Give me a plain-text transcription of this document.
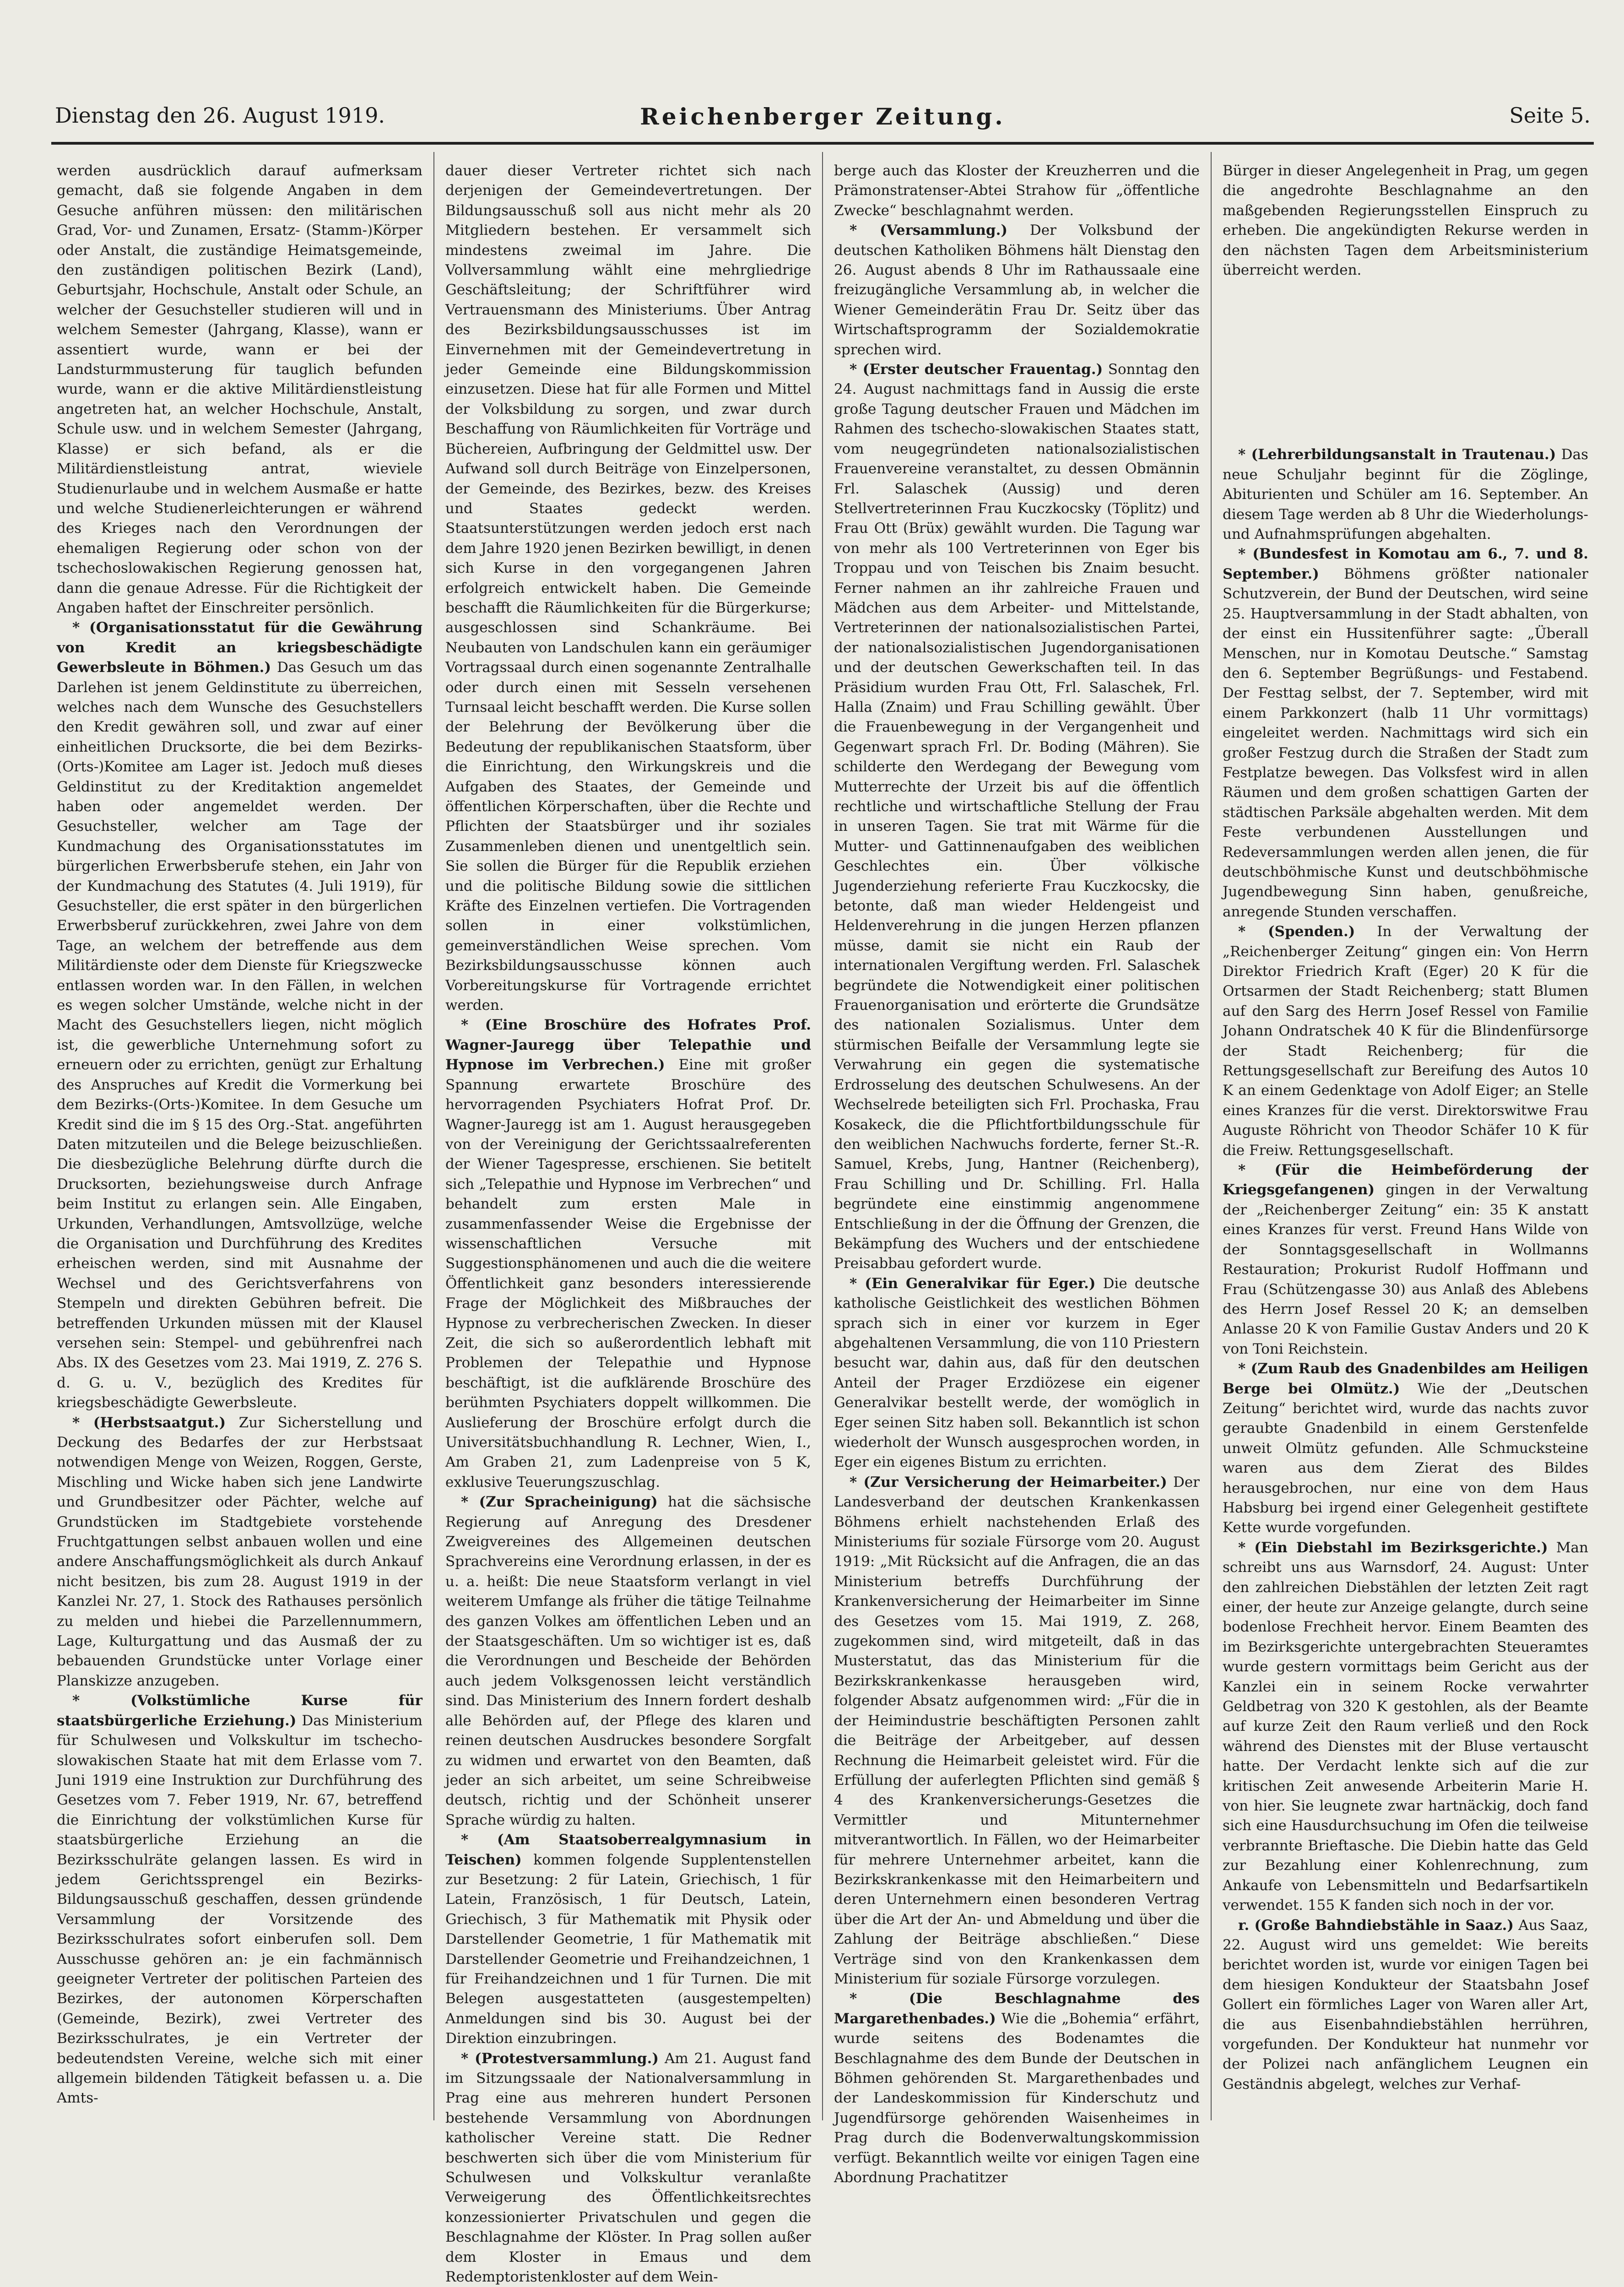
Dienstag den 26. August 1919.	Reichenberger Zeitung.	Seite 5.

werden ausdrücklich darauf aufmerksam gemacht, daß sie folgende Angaben in dem Gesuche anführen müssen: den militärischen Grad, Vor- und Zunamen, Ersatz- (Stamm-)Körper oder Anstalt, die zuständige Heimatsgemeinde, den zuständigen politischen Bezirk (Land), Geburtsjahr, Hochschule, Anstalt oder Schule, an welcher der Gesuchsteller studieren will und in welchem Semester (Jahrgang, Klasse), wann er assentiert wurde, wann er bei der Landsturmmusterung für tauglich befunden wurde, wann er die aktive Militärdienstleistung angetreten hat, an welcher Hochschule, Anstalt, Schule usw. und in welchem Semester (Jahrgang, Klasse) er sich befand, als er die Militärdienstleistung antrat, wieviele Studienurlaube und in welchem Ausmaße er hatte und welche Studienerleichterungen er während des Krieges nach den Verordnungen der ehemaligen Regierung oder schon von der tschechoslowakischen Regierung genossen hat, dann die genaue Adresse. Für die Richtigkeit der Angaben haftet der Einschreiter persönlich.

* (Organisationsstatut für die Gewährung von Kredit an kriegsbeschädigte Gewerbsleute in Böhmen.) Das Gesuch um das Darlehen ist jenem Geldinstitute zu überreichen, welches nach dem Wunsche des Gesuchstellers den Kredit gewähren soll, und zwar auf einer einheitlichen Drucksorte, die bei dem Bezirks-(Orts-)Komitee am Lager ist. Jedoch muß dieses Geldinstitut zu der Kreditaktion angemeldet haben oder angemeldet werden. Der Gesuchsteller, welcher am Tage der Kundmachung des Organisationsstatutes im bürgerlichen Erwerbsberufe stehen, ein Jahr von der Kundmachung des Statutes (4. Juli 1919), für Gesuchsteller, die erst später in den bürgerlichen Erwerbsberuf zurückkehren, zwei Jahre von dem Tage, an welchem der betreffende aus dem Militärdienste oder dem Dienste für Kriegszwecke entlassen worden war. In den Fällen, in welchen es wegen solcher Umstände, welche nicht in der Macht des Gesuchstellers liegen, nicht möglich ist, die gewerbliche Unternehmung sofort zu erneuern oder zu errichten, genügt zur Erhaltung des Anspruches auf Kredit die Vormerkung bei dem Bezirks-(Orts-)Komitee. In dem Gesuche um Kredit sind die im § 15 des Org.-Stat. angeführten Daten mitzuteilen und die Belege beizuschließen. Die diesbezügliche Belehrung dürfte durch die Drucksorten, beziehungsweise durch Anfrage beim Institut zu erlangen sein. Alle Eingaben, Urkunden, Verhandlungen, Amtsvollzüge, welche die Organisation und Durchführung des Kredites erheischen werden, sind mit Ausnahme der Wechsel und des Gerichtsverfahrens von Stempeln und direkten Gebühren befreit. Die betreffenden Urkunden müssen mit der Klausel versehen sein: Stempel- und gebührenfrei nach Abs. IX des Gesetzes vom 23. Mai 1919, Z. 276 S. d. G. u. V., bezüglich des Kredites für kriegsbeschädigte Gewerbsleute.

* (Herbstsaatgut.) Zur Sicherstellung und Deckung des Bedarfes der zur Herbstsaat notwendigen Menge von Weizen, Roggen, Gerste, Mischling und Wicke haben sich jene Landwirte und Grundbesitzer oder Pächter, welche auf Grundstücken im Stadtgebiete vorstehende Fruchtgattungen selbst anbauen wollen und eine andere Anschaffungsmöglichkeit als durch Ankauf nicht besitzen, bis zum 28. August 1919 in der Kanzlei Nr. 27, 1. Stock des Rathauses persönlich zu melden und hiebei die Parzellennummern, Lage, Kulturgattung und das Ausmaß der zu bebauenden Grundstücke unter Vorlage einer Planskizze anzugeben.

* (Volkstümliche Kurse für staatsbürgerliche Erziehung.) Das Ministerium für Schulwesen und Volkskultur im tschecho-slowakischen Staate hat mit dem Erlasse vom 7. Juni 1919 eine Instruktion zur Durchführung des Gesetzes vom 7. Feber 1919, Nr. 67, betreffend die Einrichtung der volkstümlichen Kurse für staatsbürgerliche Erziehung an die Bezirksschulräte gelangen lassen. Es wird in jedem Gerichtssprengel ein Bezirks-Bildungsausschuß geschaffen, dessen gründende Versammlung der Vorsitzende des Bezirksschulrates sofort einberufen soll. Dem Ausschusse gehören an: je ein fachmännisch geeigneter Vertreter der politischen Parteien des Bezirkes, der autonomen Körperschaften (Gemeinde, Bezirk), zwei Vertreter des Bezirksschulrates, je ein Vertreter der bedeutendsten Vereine, welche sich mit einer allgemein bildenden Tätigkeit befassen u. a. Die Amts-

dauer dieser Vertreter richtet sich nach derjenigen der Gemeindevertretungen. Der Bildungsausschuß soll aus nicht mehr als 20 Mitgliedern bestehen. Er versammelt sich mindestens zweimal im Jahre. Die Vollversammlung wählt eine mehrgliedrige Geschäftsleitung; der Schriftführer wird Vertrauensmann des Ministeriums. Über Antrag des Bezirksbildungsausschusses ist im Einvernehmen mit der Gemeindevertretung in jeder Gemeinde eine Bildungskommission einzusetzen. Diese hat für alle Formen und Mittel der Volksbildung zu sorgen, und zwar durch Beschaffung von Räumlichkeiten für Vorträge und Büchereien, Aufbringung der Geldmittel usw. Der Aufwand soll durch Beiträge von Einzelpersonen, der Gemeinde, des Bezirkes, bezw. des Kreises und Staates gedeckt werden. Staatsunterstützungen werden jedoch erst nach dem Jahre 1920 jenen Bezirken bewilligt, in denen sich Kurse in den vorgegangenen Jahren erfolgreich entwickelt haben. Die Gemeinde beschafft die Räumlichkeiten für die Bürgerkurse; ausgeschlossen sind Schankräume. Bei Neubauten von Landschulen kann ein geräumiger Vortragssaal durch einen sogenannte Zentralhalle oder durch einen mit Sesseln versehenen Turnsaal leicht beschafft werden. Die Kurse sollen der Belehrung der Bevölkerung über die Bedeutung der republikanischen Staatsform, über die Einrichtung, den Wirkungskreis und die Aufgaben des Staates, der Gemeinde und öffentlichen Körperschaften, über die Rechte und Pflichten der Staatsbürger und ihr soziales Zusammenleben dienen und unentgeltlich sein. Sie sollen die Bürger für die Republik erziehen und die politische Bildung sowie die sittlichen Kräfte des Einzelnen vertiefen. Die Vortragenden sollen in einer volkstümlichen, gemeinverständlichen Weise sprechen. Vom Bezirksbildungsausschusse können auch Vorbereitungskurse für Vortragende errichtet werden.

* (Eine Broschüre des Hofrates Prof. Wagner-Jauregg über Telepathie und Hypnose im Verbrechen.) Eine mit großer Spannung erwartete Broschüre des hervorragenden Psychiaters Hofrat Prof. Dr. Wagner-Jauregg ist am 1. August herausgegeben von der Vereinigung der Gerichtssaalreferenten der Wiener Tagespresse, erschienen. Sie betitelt sich „Telepathie und Hypnose im Verbrechen“ und behandelt zum ersten Male in zusammenfassender Weise die Ergebnisse der wissenschaftlichen Versuche mit Suggestionsphänomenen und auch die die weitere Öffentlichkeit ganz besonders interessierende Frage der Möglichkeit des Mißbrauches der Hypnose zu verbrecherischen Zwecken. In dieser Zeit, die sich so außerordentlich lebhaft mit Problemen der Telepathie und Hypnose beschäftigt, ist die aufklärende Broschüre des berühmten Psychiaters doppelt willkommen. Die Auslieferung der Broschüre erfolgt durch die Universitätsbuchhandlung R. Lechner, Wien, I., Am Graben 21, zum Ladenpreise von 5 K, exklusive Teuerungszuschlag.

* (Zur Spracheinigung) hat die sächsische Regierung auf Anregung des Dresdener Zweigvereines des Allgemeinen deutschen Sprachvereins eine Verordnung erlassen, in der es u. a. heißt: Die neue Staatsform verlangt in viel weiterem Umfange als früher die tätige Teilnahme des ganzen Volkes am öffentlichen Leben und an der Staatsgeschäften. Um so wichtiger ist es, daß die Verordnungen und Bescheide der Behörden auch jedem Volksgenossen leicht verständlich sind. Das Ministerium des Innern fordert deshalb alle Behörden auf, der Pflege des klaren und reinen deutschen Ausdruckes besondere Sorgfalt zu widmen und erwartet von den Beamten, daß jeder an sich arbeitet, um seine Schreibweise deutsch, richtig und der Schönheit unserer Sprache würdig zu halten.

* (Am Staatsoberrealgymnasium in Teischen) kommen folgende Supplentenstellen zur Besetzung: 2 für Latein, Griechisch, 1 für Latein, Französisch, 1 für Deutsch, Latein, Griechisch, 3 für Mathematik mit Physik oder Darstellender Geometrie, 1 für Mathematik mit Darstellender Geometrie und Freihandzeichnen, 1 für Freihandzeichnen und 1 für Turnen. Die mit Belegen ausgestatteten (ausgestempelten) Anmeldungen sind bis 30. August bei der Direktion einzubringen.

* (Protestversammlung.) Am 21. August fand im Sitzungssaale der Nationalversammlung in Prag eine aus mehreren hundert Personen bestehende Versammlung von Abordnungen katholischer Vereine statt. Die Redner beschwerten sich über die vom Ministerium für Schulwesen und Volkskultur veranlaßte Verweigerung des Öffentlichkeitsrechtes konzessionierter Privatschulen und gegen die Beschlagnahme der Klöster. In Prag sollen außer dem Kloster in Emaus und dem Redemptoristenkloster auf dem Wein-

berge auch das Kloster der Kreuzherren und die Prämonstratenser-Abtei Strahow für „öffentliche Zwecke“ beschlagnahmt werden.

* (Versammlung.) Der Volksbund der deutschen Katholiken Böhmens hält Dienstag den 26. August abends 8 Uhr im Rathaussaale eine freizugängliche Versammlung ab, in welcher die Wiener Gemeinderätin Frau Dr. Seitz über das Wirtschaftsprogramm der Sozialdemokratie sprechen wird.

* (Erster deutscher Frauentag.) Sonntag den 24. August nachmittags fand in Aussig die erste große Tagung deutscher Frauen und Mädchen im Rahmen des tschecho-slowakischen Staates statt, vom neugegründeten nationalsozialistischen Frauenvereine veranstaltet, zu dessen Obmännin Frl. Salaschek (Aussig) und deren Stellvertreterinnen Frau Kuczkocsky (Töplitz) und Frau Ott (Brüx) gewählt wurden. Die Tagung war von mehr als 100 Vertreterinnen von Eger bis Troppau und von Teischen bis Znaim besucht. Ferner nahmen an ihr zahlreiche Frauen und Mädchen aus dem Arbeiter- und Mittelstande, Vertreterinnen der nationalsozialistischen Partei, der nationalsozialistischen Jugendorganisationen und der deutschen Gewerkschaften teil. In das Präsidium wurden Frau Ott, Frl. Salaschek, Frl. Halla (Znaim) und Frau Schilling gewählt. Über die Frauenbewegung in der Vergangenheit und Gegenwart sprach Frl. Dr. Boding (Mähren). Sie schilderte den Werdegang der Bewegung vom Mutterrechte der Urzeit bis auf die öffentlich rechtliche und wirtschaftliche Stellung der Frau in unseren Tagen. Sie trat mit Wärme für die Mutter- und Gattinnenaufgaben des weiblichen Geschlechtes ein. Über völkische Jugenderziehung referierte Frau Kuczkocsky, die betonte, daß man wieder Heldengeist und Heldenverehrung in die jungen Herzen pflanzen müsse, damit sie nicht ein Raub der internationalen Vergiftung werden. Frl. Salaschek begründete die Notwendigkeit einer politischen Frauenorganisation und erörterte die Grundsätze des nationalen Sozialismus. Unter dem stürmischen Beifalle der Versammlung legte sie Verwahrung ein gegen die systematische Erdrosselung des deutschen Schulwesens. An der Wechselrede beteiligten sich Frl. Prochaska, Frau Kosakeck, die die Pflichtfortbildungsschule für den weiblichen Nachwuchs forderte, ferner St.-R. Samuel, Krebs, Jung, Hantner (Reichenberg), Frau Schilling und Dr. Schilling. Frl. Halla begründete eine einstimmig angenommene Entschließung in der die Öffnung der Grenzen, die Bekämpfung des Wuchers und der entschiedene Preisabbau gefordert wurde.

* (Ein Generalvikar für Eger.) Die deutsche katholische Geistlichkeit des westlichen Böhmen sprach sich in einer vor kurzem in Eger abgehaltenen Versammlung, die von 110 Priestern besucht war, dahin aus, daß für den deutschen Anteil der Prager Erzdiözese ein eigener Generalvikar bestellt werde, der womöglich in Eger seinen Sitz haben soll. Bekanntlich ist schon wiederholt der Wunsch ausgesprochen worden, in Eger ein eigenes Bistum zu errichten.

* (Zur Versicherung der Heimarbeiter.) Der Landesverband der deutschen Krankenkassen Böhmens erhielt nachstehenden Erlaß des Ministeriums für soziale Fürsorge vom 20. August 1919: „Mit Rücksicht auf die Anfragen, die an das Ministerium betreffs Durchführung der Krankenversicherung der Heimarbeiter im Sinne des Gesetzes vom 15. Mai 1919, Z. 268, zugekommen sind, wird mitgeteilt, daß in das Musterstatut, das das Ministerium für die Bezirkskrankenkasse herausgeben wird, folgender Absatz aufgenommen wird: „Für die in der Heimindustrie beschäftigten Personen zahlt die Beiträge der Arbeitgeber, auf dessen Rechnung die Heimarbeit geleistet wird. Für die Erfüllung der auferlegten Pflichten sind gemäß § 4 des Krankenversicherungs-Gesetzes die Vermittler und Mitunternehmer mitverantwortlich. In Fällen, wo der Heimarbeiter für mehrere Unternehmer arbeitet, kann die Bezirkskrankenkasse mit den Heimarbeitern und deren Unternehmern einen besonderen Vertrag über die Art der An- und Abmeldung und über die Zahlung der Beiträge abschließen.“ Diese Verträge sind von den Krankenkassen dem Ministerium für soziale Fürsorge vorzulegen.

* (Die Beschlagnahme des Margarethenbades.) Wie die „Bohemia“ erfährt, wurde seitens des Bodenamtes die Beschlagnahme des dem Bunde der Deutschen in Böhmen gehörenden St. Margarethenbades und der Landeskommission für Kinderschutz und Jugendfürsorge gehörenden Waisenheimes in Prag durch die Bodenverwaltungskommission verfügt. Bekanntlich weilte vor einigen Tagen eine Abordnung Prachatitzer

Bürger in dieser Angelegenheit in Prag, um gegen die angedrohte Beschlagnahme an den maßgebenden Regierungsstellen Einspruch zu erheben. Die angekündigten Rekurse werden in den nächsten Tagen dem Arbeitsministerium überreicht werden.

* (Lehrerbildungsanstalt in Trautenau.) Das neue Schuljahr beginnt für die Zöglinge, Abiturienten und Schüler am 16. September. An diesem Tage werden ab 8 Uhr die Wiederholungs- und Aufnahmsprüfungen abgehalten.

* (Bundesfest in Komotau am 6., 7. und 8. September.) Böhmens größter nationaler Schutzverein, der Bund der Deutschen, wird seine 25. Hauptversammlung in der Stadt abhalten, von der einst ein Hussitenführer sagte: „Überall Menschen, nur in Komotau Deutsche.“ Samstag den 6. September Begrüßungs- und Festabend. Der Festtag selbst, der 7. September, wird mit einem Parkkonzert (halb 11 Uhr vormittags) eingeleitet werden. Nachmittags wird sich ein großer Festzug durch die Straßen der Stadt zum Festplatze bewegen. Das Volksfest wird in allen Räumen und dem großen schattigen Garten der städtischen Parksäle abgehalten werden. Mit dem Feste verbundenen Ausstellungen und Redeversammlungen werden allen jenen, die für deutschböhmische Kunst und deutschböhmische Jugendbewegung Sinn haben, genußreiche, anregende Stunden verschaffen.

* (Spenden.) In der Verwaltung der „Reichenberger Zeitung“ gingen ein: Von Herrn Direktor Friedrich Kraft (Eger) 20 K für die Ortsarmen der Stadt Reichenberg; statt Blumen auf den Sarg des Herrn Josef Ressel von Familie Johann Ondratschek 40 K für die Blindenfürsorge der Stadt Reichenberg; für die Rettungsgesellschaft zur Bereifung des Autos 10 K an einem Gedenktage von Adolf Eiger; an Stelle eines Kranzes für die verst. Direktorswitwe Frau Auguste Röhricht von Theodor Schäfer 10 K für die Freiw. Rettungsgesellschaft.

* (Für die Heimbeförderung der Kriegsgefangenen) gingen in der Verwaltung der „Reichenberger Zeitung“ ein: 35 K anstatt eines Kranzes für verst. Freund Hans Wilde von der Sonntagsgesellschaft in Wollmanns Restauration; Prokurist Rudolf Hoffmann und Frau (Schützengasse 30) aus Anlaß des Ablebens des Herrn Josef Ressel 20 K; an demselben Anlasse 20 K von Familie Gustav Anders und 20 K von Toni Reichstein.

* (Zum Raub des Gnadenbildes am Heiligen Berge bei Olmütz.) Wie der „Deutschen Zeitung“ berichtet wird, wurde das nachts zuvor geraubte Gnadenbild in einem Gerstenfelde unweit Olmütz gefunden. Alle Schmucksteine waren aus dem Zierat des Bildes herausgebrochen, nur eine von dem Haus Habsburg bei irgend einer Gelegenheit gestiftete Kette wurde vorgefunden.

* (Ein Diebstahl im Bezirksgerichte.) Man schreibt uns aus Warnsdorf, 24. August: Unter den zahlreichen Diebstählen der letzten Zeit ragt einer, der heute zur Anzeige gelangte, durch seine bodenlose Frechheit hervor. Einem Beamten des im Bezirksgerichte untergebrachten Steueramtes wurde gestern vormittags beim Gericht aus der Kanzlei ein in seinem Rocke verwahrter Geldbetrag von 320 K gestohlen, als der Beamte auf kurze Zeit den Raum verließ und den Rock während des Dienstes mit der Bluse vertauscht hatte. Der Verdacht lenkte sich auf die zur kritischen Zeit anwesende Arbeiterin Marie H. von hier. Sie leugnete zwar hartnäckig, doch fand sich eine Hausdurchsuchung im Ofen die teilweise verbrannte Brieftasche. Die Diebin hatte das Geld zur Bezahlung einer Kohlenrechnung, zum Ankaufe von Lebensmitteln und Bedarfsartikeln verwendet. 155 K fanden sich noch in der vor.

r. (Große Bahndiebstähle in Saaz.) Aus Saaz, 22. August wird uns gemeldet: Wie bereits berichtet worden ist, wurde vor einigen Tagen bei dem hiesigen Kondukteur der Staatsbahn Josef Gollert ein förmliches Lager von Waren aller Art, die aus Eisenbahndiebstählen herrühren, vorgefunden. Der Kondukteur hat nunmehr vor der Polizei nach anfänglichem Leugnen ein Geständnis abgelegt, welches zur Verhaf-
